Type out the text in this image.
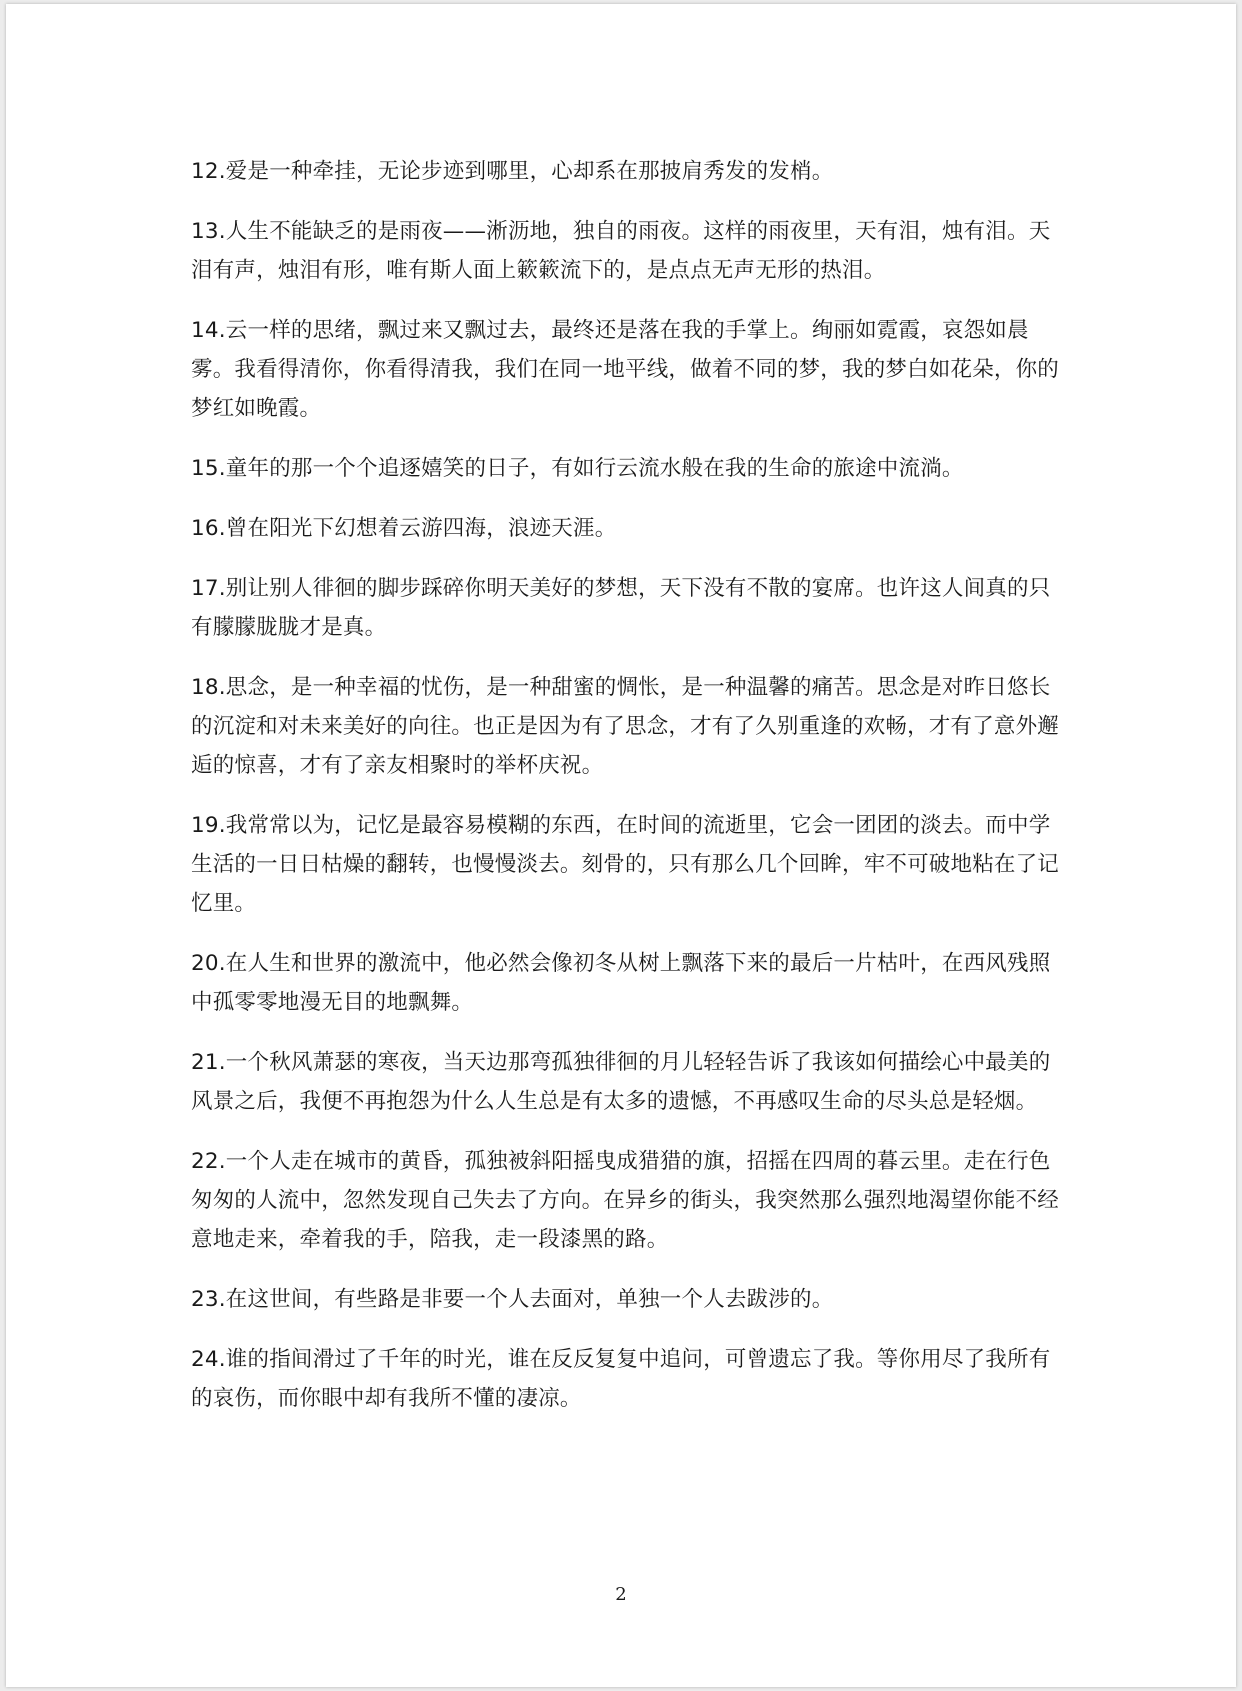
12.爱是一种牵挂，无论步迹到哪里，心却系在那披肩秀发的发梢。

13.人生不能缺乏的是雨夜——淅沥地，独自的雨夜。这样的雨夜里，天有泪，烛有泪。天泪有声，烛泪有形，唯有斯人面上簌簌流下的，是点点无声无形的热泪。

14.云一样的思绪，飘过来又飘过去，最终还是落在我的手掌上。绚丽如霓霞，哀怨如晨雾。我看得清你，你看得清我，我们在同一地平线，做着不同的梦，我的梦白如花朵，你的梦红如晚霞。

15.童年的那一个个追逐嬉笑的日子，有如行云流水般在我的生命的旅途中流淌。

16.曾在阳光下幻想着云游四海，浪迹天涯。

17.别让别人徘徊的脚步踩碎你明天美好的梦想，天下没有不散的宴席。也许这人间真的只有朦朦胧胧才是真。

18.思念，是一种幸福的忧伤，是一种甜蜜的惆怅，是一种温馨的痛苦。思念是对昨日悠长的沉淀和对未来美好的向往。也正是因为有了思念，才有了久别重逢的欢畅，才有了意外邂逅的惊喜，才有了亲友相聚时的举杯庆祝。

19.我常常以为，记忆是最容易模糊的东西，在时间的流逝里，它会一团团的淡去。而中学生活的一日日枯燥的翻转，也慢慢淡去。刻骨的，只有那么几个回眸，牢不可破地粘在了记忆里。

20.在人生和世界的激流中，他必然会像初冬从树上飘落下来的最后一片枯叶，在西风残照中孤零零地漫无目的地飘舞。

21.一个秋风萧瑟的寒夜，当天边那弯孤独徘徊的月儿轻轻告诉了我该如何描绘心中最美的风景之后，我便不再抱怨为什么人生总是有太多的遗憾，不再感叹生命的尽头总是轻烟。

22.一个人走在城市的黄昏，孤独被斜阳摇曳成猎猎的旗，招摇在四周的暮云里。走在行色匆匆的人流中，忽然发现自己失去了方向。在异乡的街头，我突然那么强烈地渴望你能不经意地走来，牵着我的手，陪我，走一段漆黑的路。

23.在这世间，有些路是非要一个人去面对，单独一个人去跋涉的。

24.谁的指间滑过了千年的时光，谁在反反复复中追问，可曾遗忘了我。等你用尽了我所有的哀伤，而你眼中却有我所不懂的凄凉。

2
